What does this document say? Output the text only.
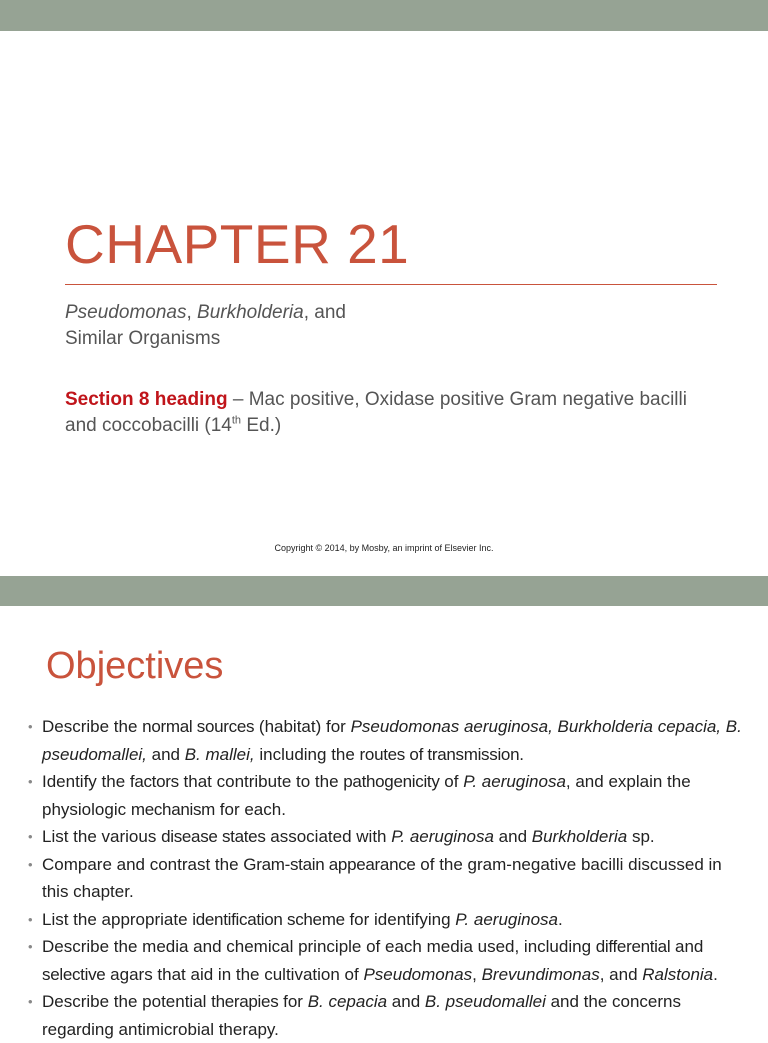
CHAPTER 21
Pseudomonas, Burkholderia, and
Similar Organisms
Section 8 heading – Mac positive, Oxidase positive Gram negative bacilli and coccobacilli (14th Ed.)
Copyright © 2014, by Mosby, an imprint of Elsevier Inc.
Objectives
• Describe the normal sources (habitat) for Pseudomonas aeruginosa, Burkholderia cepacia, B. pseudomallei, and B. mallei, including the routes of transmission.
• Identify the factors that contribute to the pathogenicity of P. aeruginosa, and explain the physiologic mechanism for each.
• List the various disease states associated with P. aeruginosa and Burkholderia sp.
• Compare and contrast the Gram-stain appearance of the gram-negative bacilli discussed in this chapter.
• List the appropriate identification scheme for identifying P. aeruginosa.
• Describe the media and chemical principle of each media used, including differential and selective agars that aid in the cultivation of Pseudomonas, Brevundimonas, and Ralstonia.
• Describe the potential therapies for B. cepacia and B. pseudomallei and the concerns regarding antimicrobial therapy.
